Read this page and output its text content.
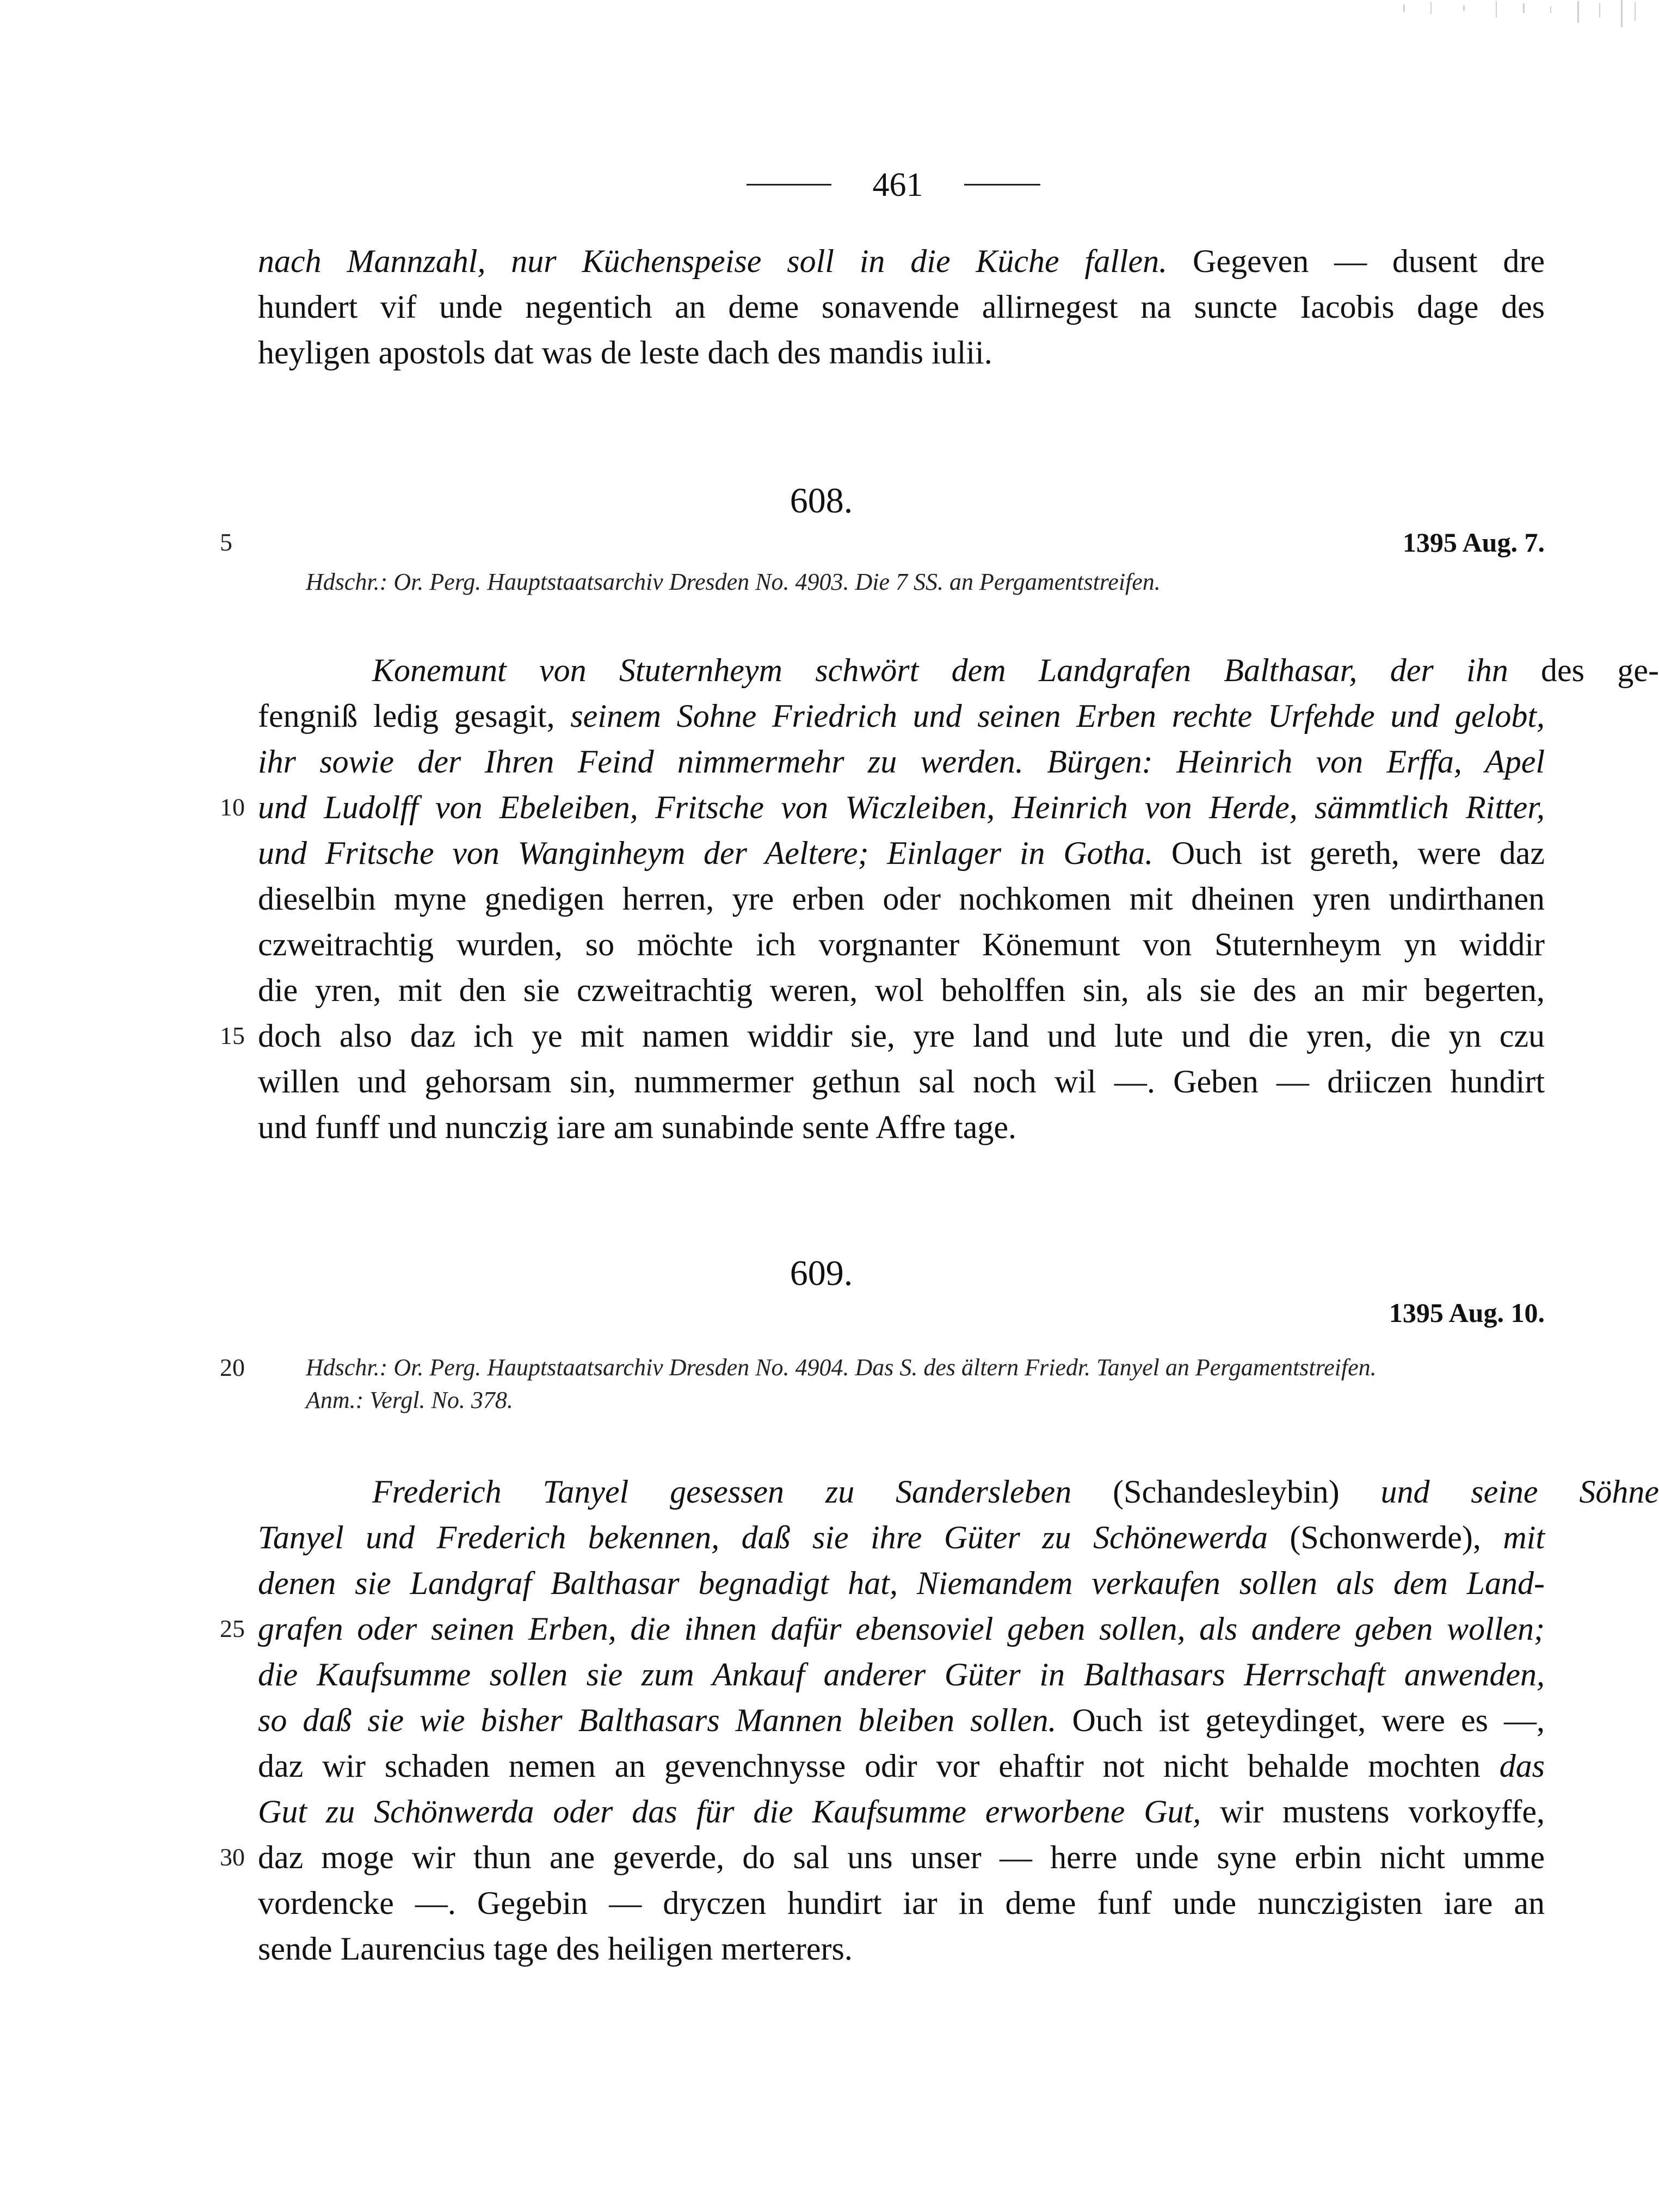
461
nach Mannzahl, nur Küchenspeise soll in die Küche fallen. Gegeven — dusent dre
hundert vif unde negentich an deme sonavende allirnegest na suncte Iacobis dage des
heyligen apostols dat was de leste dach des mandis iulii.
608.
5	1395 Aug. 7.
Hdschr.: Or. Perg. Hauptstaatsarchiv Dresden No. 4903. Die 7 SS. an Pergamentstreifen.
Konemunt von Stuternheym schwört dem Landgrafen Balthasar, der ihn des ge-
fengniß ledig gesagit, seinem Sohne Friedrich und seinen Erben rechte Urfehde und gelobt,
ihr sowie der Ihren Feind nimmermehr zu werden. Bürgen: Heinrich von Erffa, Apel
und Ludolff von Ebeleiben, Fritsche von Wiczleiben, Heinrich von Herde, sämmtlich Ritter,
und Fritsche von Wanginheym der Aeltere; Einlager in Gotha. Ouch ist gereth, were daz
dieselbin myne gnedigen herren, yre erben oder nochkomen mit dheinen yren undirthanen
czweitrachtig wurden, so möchte ich vorgnanter Könemunt von Stuternheym yn widdir
die yren, mit den sie czweitrachtig weren, wol beholffen sin, als sie des an mir begerten,
doch also daz ich ye mit namen widdir sie, yre land und lute und die yren, die yn czu
willen und gehorsam sin, nummermer gethun sal noch wil —. Geben — driiczen hundirt
und funff und nunczig iare am sunabinde sente Affre tage.
10
15
609.
1395 Aug. 10.
20	Hdschr.: Or. Perg. Hauptstaatsarchiv Dresden No. 4904. Das S. des ältern Friedr. Tanyel an Pergamentstreifen.
Anm.: Vergl. No. 378.
Frederich Tanyel gesessen zu Sandersleben (Schandesleybin) und seine Söhne
Tanyel und Frederich bekennen, daß sie ihre Güter zu Schönewerda (Schonwerde), mit
denen sie Landgraf Balthasar begnadigt hat, Niemandem verkaufen sollen als dem Land-
grafen oder seinen Erben, die ihnen dafür ebensoviel geben sollen, als andere geben wollen;
die Kaufsumme sollen sie zum Ankauf anderer Güter in Balthasars Herrschaft anwenden,
so daß sie wie bisher Balthasars Mannen bleiben sollen. Ouch ist geteydinget, were es —,
daz wir schaden nemen an gevenchnysse odir vor ehaftir not nicht behalde mochten das
Gut zu Schönwerda oder das für die Kaufsumme erworbene Gut, wir mustens vorkoyffe,
daz moge wir thun ane geverde, do sal uns unser — herre unde syne erbin nicht umme
vordencke —. Gegebin — dryczen hundirt iar in deme funf unde nunczigisten iare an
sende Laurencius tage des heiligen merterers.
25
30
